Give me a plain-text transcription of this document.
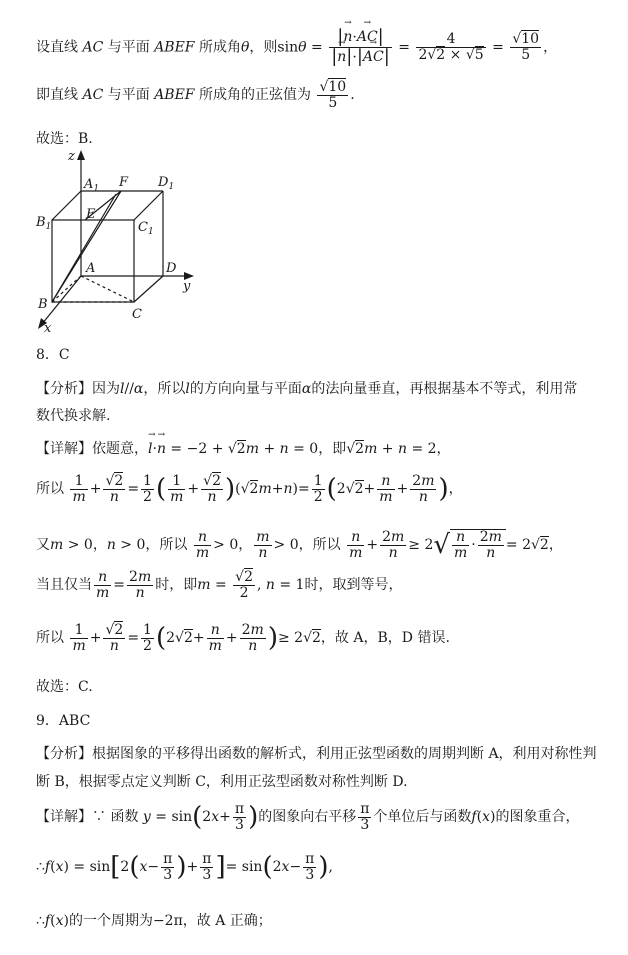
设直线 AC 与平面 ABEF 所成角θ，则$\sin\theta = \frac{|\to n\cdot\to AC|}{|\to n|\cdot|\to AC|} = \frac{4}{2√2 \times √5} = \frac{√10}{5}$ ，
即直线 AC 与平面 ABEF 所成角的正弦值为 $\frac{√10}{5}$ .
故选：B.
z
$A_1$ F $D_1$
$B_1$
E
$C_1$
A	D
y
B
C
x
8．C
【分析】因为l//α，所以l的方向向量与平面α的法向量垂直，再根据基本不等式，利用常
数代换求解.
【详解】依题意，→ l·→ n = −2 + √2m + n = 0，即√2m + n = 2，
所以 $\frac{1}{m} + \frac{√2}{n} = \frac{1}{2}$ ( $\frac{1}{m} + \frac{√2}{n} )(√2m+n)= \frac{1}{2} (2√2+ \frac{n}{m} + \frac{2m}{n}$ )，
又m > 0，n > 0，所以 $\frac{n}{m} > 0$， $\frac{m}{n} > 0$，所以 $\frac{n}{m} + \frac{2m}{n} \ge 2√ \frac{n}{m} \cdot \frac{2m}{n} = 2√2$，
当且仅当 $\frac{n}{m} = \frac{2m}{n}$ 时，即$m = \frac{√2}{2}$ , n = 1时，取到等号，
所以 $\frac{1}{m} + \frac{√2}{n} = \frac{1}{2} (2√2+ \frac{n}{m} + \frac{2m}{n}$ )≥ 2√2，故 A，B，D 错误.
故选：C.
9．ABC
【分析】根据图象的平移得出函数的解析式，利用正弦型函数的周期判断 A，利用对称性判
断 B，根据零点定义判断 C，利用正弦型函数对称性判断 D.
【详解】∵ 函数 $y = \sin(2x+ \frac{\pi}{3}$ )的图象向右平移 $\frac{\pi}{3}$ 个单位后与函数f(x)的图象重合，
∴f(x) = $\sin[2(x- \frac{\pi}{3}$ )+ $\frac{\pi}{3}$ ]= $\sin(2x- \frac{\pi}{3}$ ),
∴f(x)的一个周期为−2π，故 A 正确；
